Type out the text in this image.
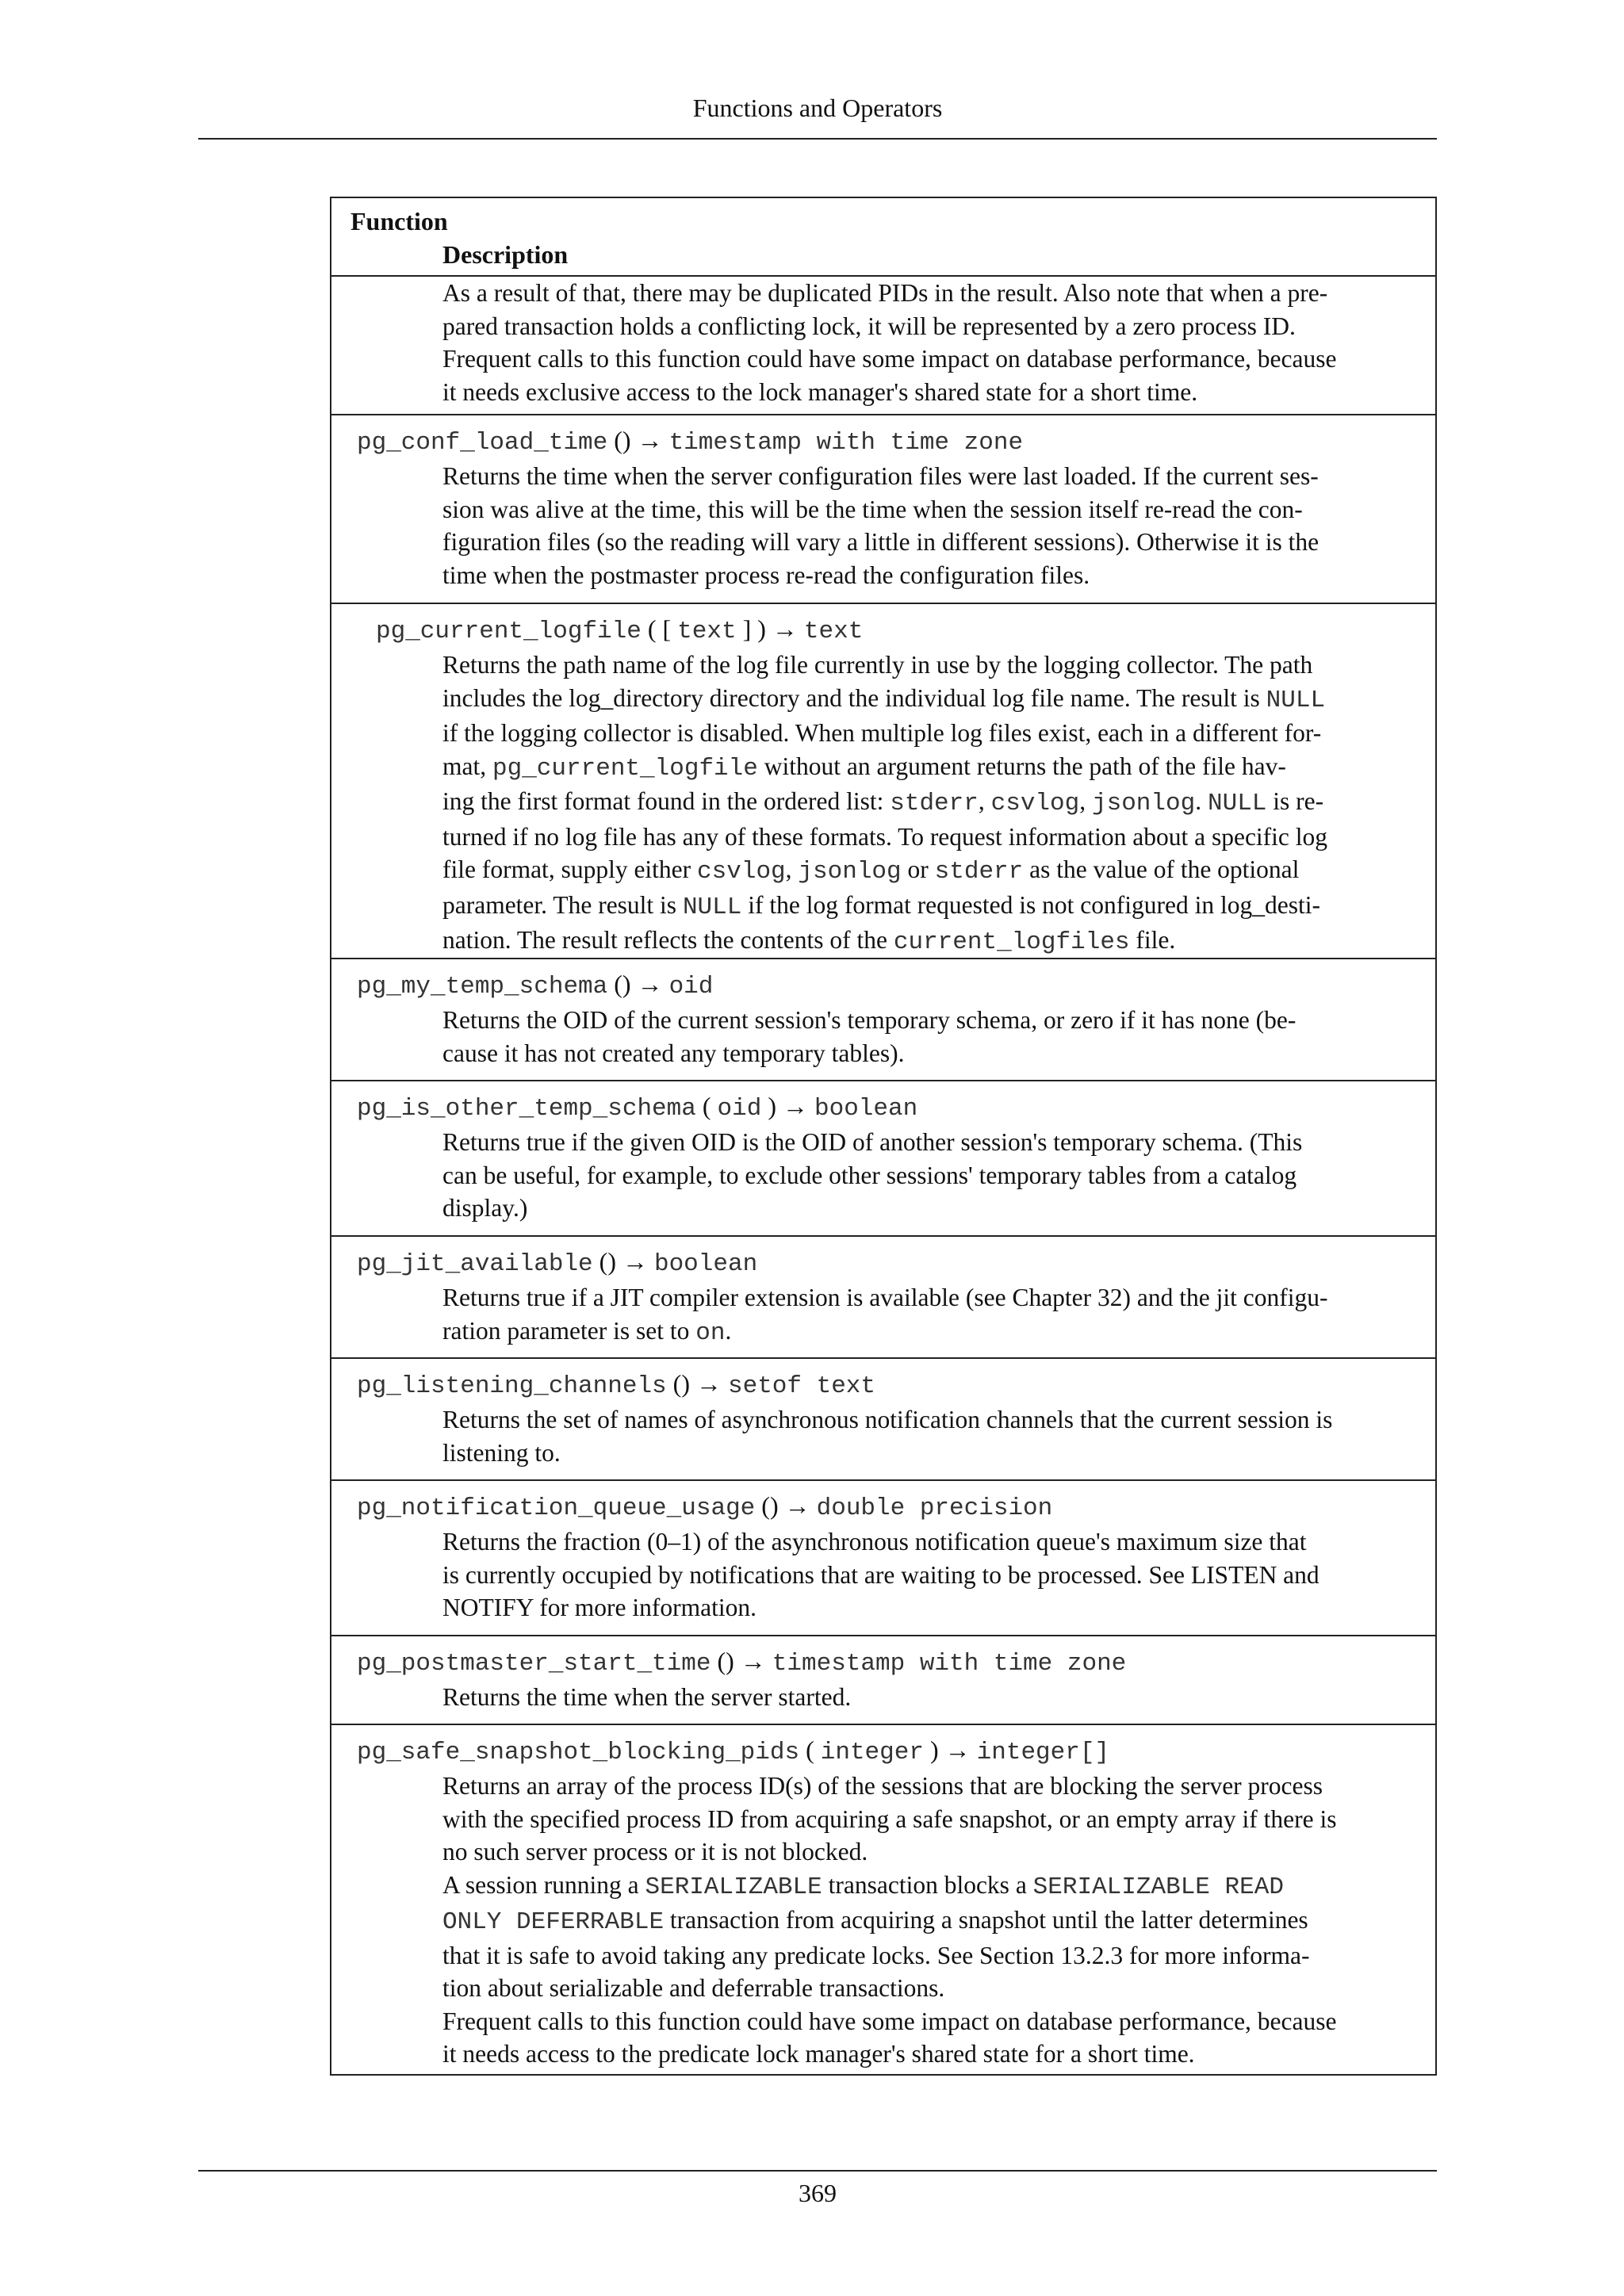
Functions and Operators
Function
Description
As a result of that, there may be duplicated PIDs in the result. Also note that when a pre-
pared transaction holds a conflicting lock, it will be represented by a zero process ID.
Frequent calls to this function could have some impact on database performance, because
it needs exclusive access to the lock manager's shared state for a short time.
pg_conf_load_time () → timestamp with time zone
Returns the time when the server configuration files were last loaded. If the current ses-
sion was alive at the time, this will be the time when the session itself re-read the con-
figuration files (so the reading will vary a little in different sessions). Otherwise it is the
time when the postmaster process re-read the configuration files.
pg_current_logfile ( [ text ] ) → text
Returns the path name of the log file currently in use by the logging collector. The path
includes the log_directory directory and the individual log file name. The result is NULL
if the logging collector is disabled. When multiple log files exist, each in a different for-
mat, pg_current_logfile without an argument returns the path of the file hav-
ing the first format found in the ordered list: stderr, csvlog, jsonlog. NULL is re-
turned if no log file has any of these formats. To request information about a specific log
file format, supply either csvlog, jsonlog or stderr as the value of the optional
parameter. The result is NULL if the log format requested is not configured in log_desti-
nation. The result reflects the contents of the current_logfiles file.
pg_my_temp_schema () → oid
Returns the OID of the current session's temporary schema, or zero if it has none (be-
cause it has not created any temporary tables).
pg_is_other_temp_schema ( oid ) → boolean
Returns true if the given OID is the OID of another session's temporary schema. (This
can be useful, for example, to exclude other sessions' temporary tables from a catalog
display.)
pg_jit_available () → boolean
Returns true if a JIT compiler extension is available (see Chapter 32) and the jit configu-
ration parameter is set to on.
pg_listening_channels () → setof text
Returns the set of names of asynchronous notification channels that the current session is
listening to.
pg_notification_queue_usage () → double precision
Returns the fraction (0–1) of the asynchronous notification queue's maximum size that
is currently occupied by notifications that are waiting to be processed. See LISTEN and
NOTIFY for more information.
pg_postmaster_start_time () → timestamp with time zone
Returns the time when the server started.
pg_safe_snapshot_blocking_pids ( integer ) → integer[]
Returns an array of the process ID(s) of the sessions that are blocking the server process
with the specified process ID from acquiring a safe snapshot, or an empty array if there is
no such server process or it is not blocked.
A session running a SERIALIZABLE transaction blocks a SERIALIZABLE READ
ONLY DEFERRABLE transaction from acquiring a snapshot until the latter determines
that it is safe to avoid taking any predicate locks. See Section 13.2.3 for more informa-
tion about serializable and deferrable transactions.
Frequent calls to this function could have some impact on database performance, because
it needs access to the predicate lock manager's shared state for a short time.
369
